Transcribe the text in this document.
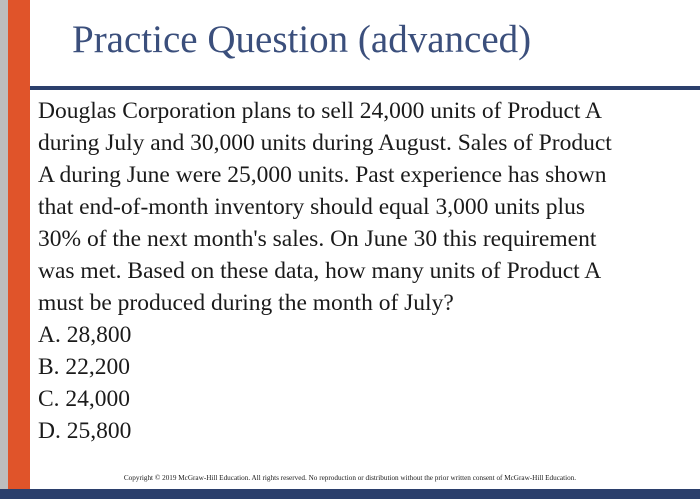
Practice Question (advanced)
Douglas Corporation plans to sell 24,000 units of Product A
during July and 30,000 units during August. Sales of Product
A during June were 25,000 units. Past experience has shown
that end-of-month inventory should equal 3,000 units plus
30% of the next month's sales. On June 30 this requirement
was met. Based on these data, how many units of Product A
must be produced during the month of July?
A. 28,800
B. 22,200
C. 24,000
D. 25,800
Copyright © 2019 McGraw-Hill Education. All rights reserved. No reproduction or distribution without the prior written consent of McGraw-Hill Education.
